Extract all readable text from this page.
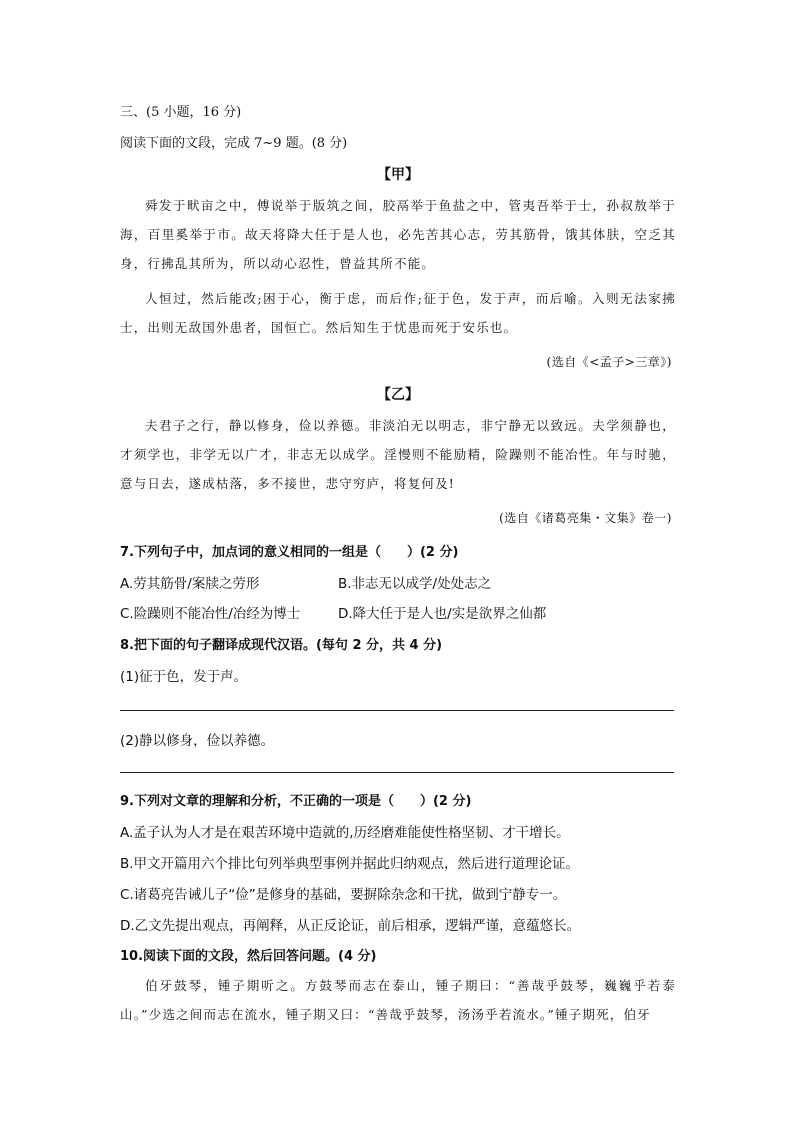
三、(5 小题，16 分)
阅读下面的文段，完成 7~9 题。(8 分)
【甲】
舜发于畎亩之中，傅说举于版筑之间，胶鬲举于鱼盐之中，管夷吾举于士，孙叔敖举于海，百里奚举于市。故天将降大任于是人也，必先苦其心志，劳其筋骨，饿其体肤，空乏其身，行拂乱其所为，所以动心忍性，曾益其所不能。
人恒过，然后能改;困于心，衡于虑，而后作;征于色，发于声，而后喻。入则无法家拂士，出则无敌国外患者，国恒亡。然后知生于忧患而死于安乐也。
(选自《<孟子>三章》)
【乙】
夫君子之行，静以修身，俭以养德。非淡泊无以明志，非宁静无以致远。夫学须静也，才须学也，非学无以广才，非志无以成学。淫慢则不能励精，险躁则不能冶性。年与时驰，意与日去，遂成枯落，多不接世，悲守穷庐，将复何及!
(选自《诸葛亮集・文集》卷一)
7.下列句子中，加点词的意义相同的一组是（　　）(2 分)
A.劳其筋骨/案牍之劳形	B.非志无以成学/处处志之
C.险躁则不能冶性/冶经为博士	D.降大任于是人也/实是欲界之仙都
8.把下面的句子翻译成现代汉语。(每句 2 分，共 4 分)
(1)征于色，发于声。
(2)静以修身，俭以养德。
9.下列对文章的理解和分析，不正确的一项是（　　）(2 分)
A.孟子认为人才是在艰苦环境中造就的,历经磨难能使性格坚韧、才干增长。
B.甲文开篇用六个排比句列举典型事例并据此归纳观点，然后进行道理论证。
C.诸葛亮告诫儿子“俭”是修身的基础，要摒除杂念和干扰，做到宁静专一。
D.乙文先提出观点，再阐释，从正反论证，前后相承，逻辑严谨，意蕴悠长。
10.阅读下面的文段，然后回答问题。(4 分)
伯牙鼓琴，锺子期听之。方鼓琴而志在泰山，锺子期曰：“善哉乎鼓琴，巍巍乎若泰山。”少选之间而志在流水，锺子期又曰：“善哉乎鼓琴，汤汤乎若流水。”锺子期死，伯牙
